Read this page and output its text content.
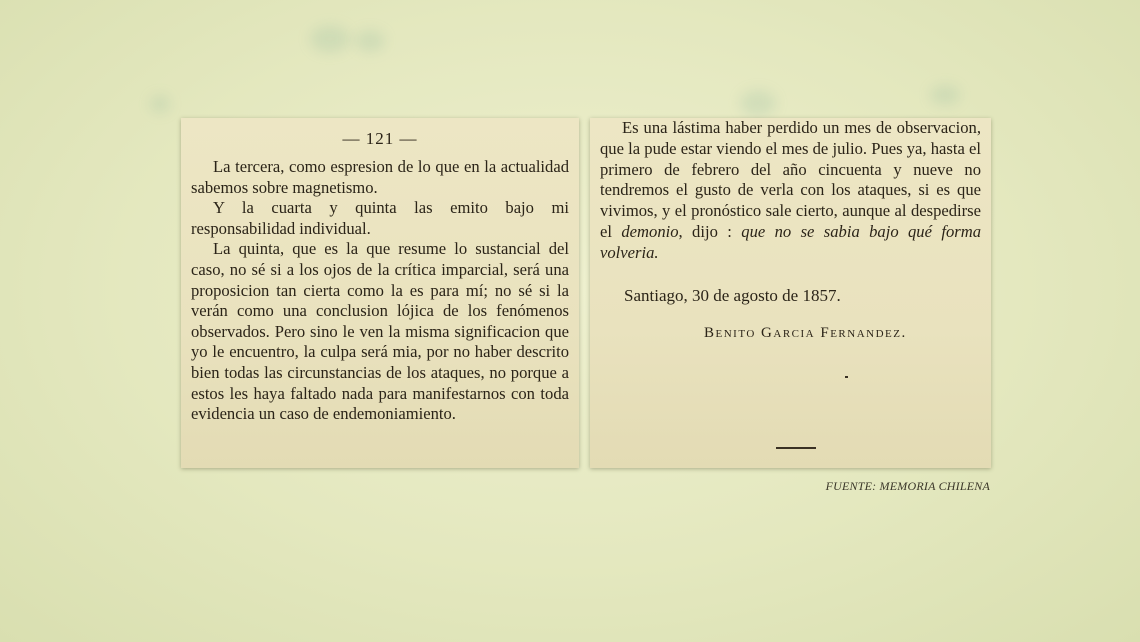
— 121 —

La tercera, como espresion de lo que en la actualidad sabemos sobre magnetismo.

Y la cuarta y quinta las emito bajo mi responsabilidad individual.

La quinta, que es la que resume lo sustancial del caso, no sé si a los ojos de la crítica imparcial, será una proposicion tan cierta como la es para mí; no sé si la verán como una conclusion lójica de los fenómenos observados. Pero sino le ven la misma significacion que yo le encuentro, la culpa será mia, por no haber descrito bien todas las circunstancias de los ataques, no porque a estos les haya faltado nada para manifestarnos con toda evidencia un caso de endemoniamiento.

Es una lástima haber perdido un mes de observacion, que la pude estar viendo el mes de julio. Pues ya, hasta el primero de febrero del año cincuenta y nueve no tendremos el gusto de verla con los ataques, si es que vivimos, y el pronóstico sale cierto, aunque al despedirse el demonio, dijo : que no se sabia bajo qué forma volveria.

Santiago, 30 de agosto de 1857.
Benito Garcia Fernandez.
FUENTE: MEMORIA CHILENA
